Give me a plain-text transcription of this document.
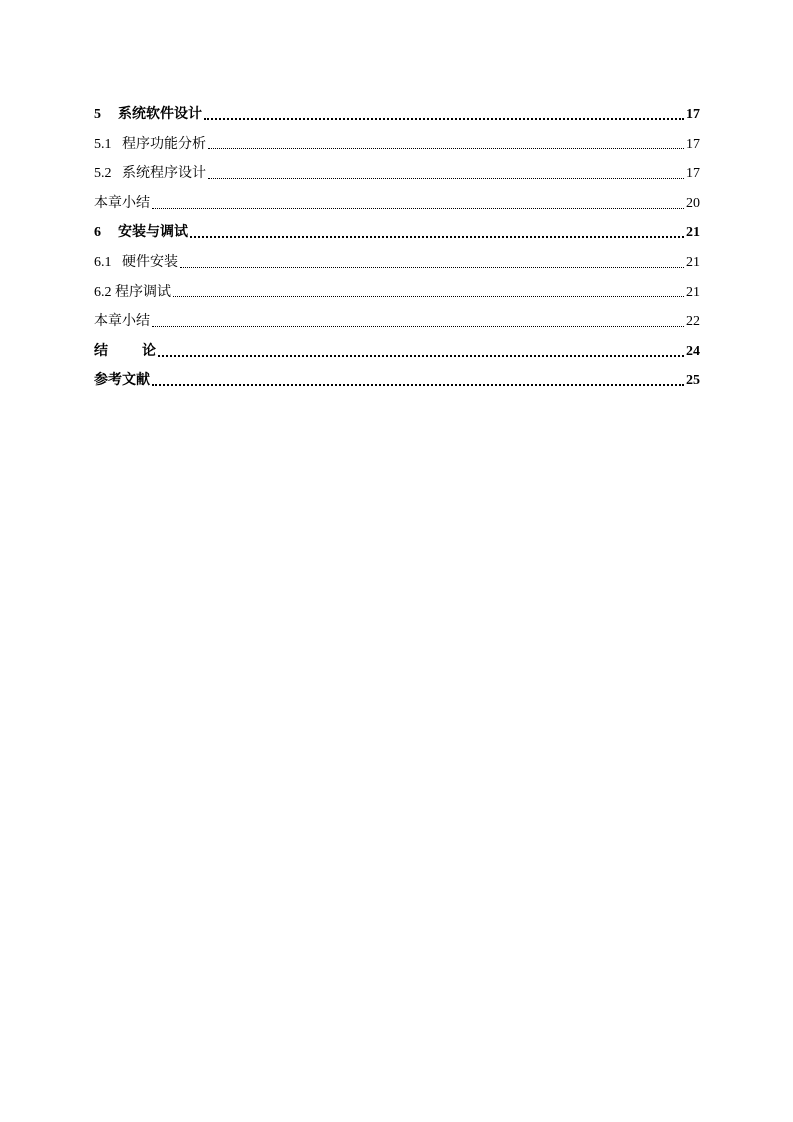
5 系统软件设计	17
5.1 程序功能分析	17
5.2 系统程序设计	17
本章小结	20
6 安装与调试	21
6.1 硬件安装	21
6.2 程序调试	21
本章小结	22
结 论	24
参考文献	25
